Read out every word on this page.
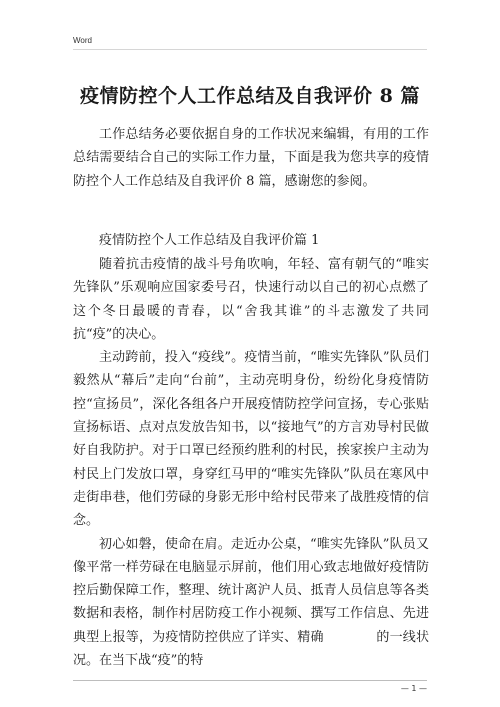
Word
疫情防控个人工作总结及自我评价 8 篇

工作总结务必要依据自身的工作状况来编辑，有用的工作总结需要结合自己的实际工作力量，下面是我为您共享的疫情防控个人工作总结及自我评价 8 篇，感谢您的参阅。

疫情防控个人工作总结及自我评价篇 1

随着抗击疫情的战斗号角吹响，年轻、富有朝气的“唯实先锋队”乐观响应国家委号召，快速行动以自己的初心点燃了这个冬日最暖的青春，以“舍我其谁”的斗志激发了共同抗“疫”的决心。

主动跨前，投入“疫线”。疫情当前，“唯实先锋队”队员们毅然从“幕后”走向“台前”，主动亮明身份，纷纷化身疫情防控“宣扬员”，深化各组各户开展疫情防控学问宣扬，专心张贴宣扬标语、点对点发放告知书，以“接地气”的方言劝导村民做好自我防护。对于口罩已经预约胜利的村民，挨家挨户主动为村民上门发放口罩，身穿红马甲的“唯实先锋队”队员在寒风中走街串巷，他们劳碌的身影无形中给村民带来了战胜疫情的信念。

初心如磐，使命在肩。走近办公桌，“唯实先锋队”队员又像平常一样劳碌在电脑显示屏前，他们用心致志地做好疫情防控后勤保障工作，整理、统计离沪人员、抵青人员信息等各类数据和表格，制作村居防疫工作小视频、撰写工作信息、先进典型上报等，为疫情防控供应了详实、精确　　　　的一线状况。在当下战“疫”的特

— 1 —
